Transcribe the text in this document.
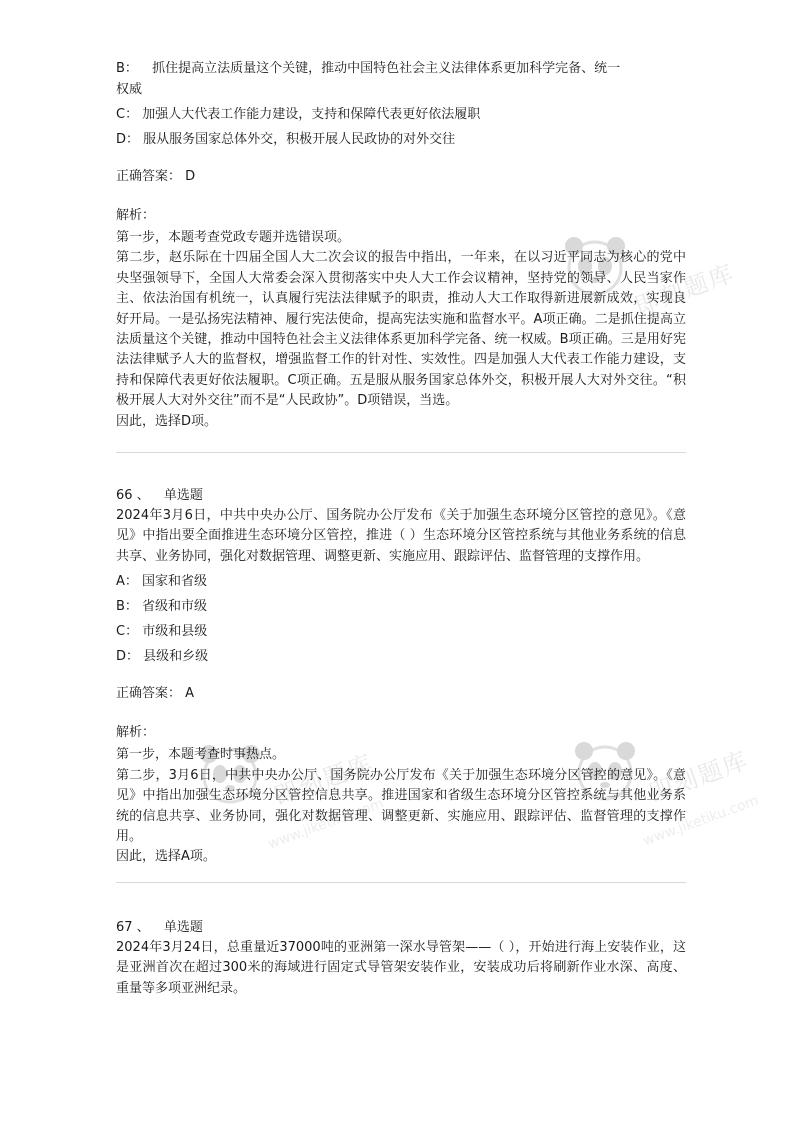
即刻题库
即刻题库
www.jiketiku.com
即刻题库
www.jiketiku.com
B： 抓住提高立法质量这个关键，推动中国特色社会主义法律体系更加科学完备、统一
权威
C： 加强人大代表工作能力建设，支持和保障代表更好依法履职
D： 服从服务国家总体外交，积极开展人民政协的对外交往
正确答案： D
解析：

第一步，本题考查党政专题并选错误项。

第二步，赵乐际在十四届全国人大二次会议的报告中指出，一年来，在以习近平同志为核心的党中央坚强领导下，全国人大常委会深入贯彻落实中央人大工作会议精神，坚持党的领导、人民当家作主、依法治国有机统一，认真履行宪法法律赋予的职责，推动人大工作取得新进展新成效，实现良好开局。一是弘扬宪法精神、履行宪法使命，提高宪法实施和监督水平。A项正确。二是抓住提高立法质量这个关键，推动中国特色社会主义法律体系更加科学完备、统一权威。B项正确。三是用好宪法法律赋予人大的监督权，增强监督工作的针对性、实效性。四是加强人大代表工作能力建设，支持和保障代表更好依法履职。C项正确。五是服从服务国家总体外交，积极开展人大对外交往。“积极开展人大对外交往”而不是“人民政协”。D项错误，当选。

因此，选择D项。

66 、 单选题

2024年3月6日，中共中央办公厅、国务院办公厅发布《关于加强生态环境分区管控的意见》。《意见》中指出要全面推进生态环境分区管控，推进（ ）生态环境分区管控系统与其他业务系统的信息共享、业务协同，强化对数据管理、调整更新、实施应用、跟踪评估、监督管理的支撑作用。

A： 国家和省级
B： 省级和市级
C： 市级和县级
D： 县级和乡级
正确答案： A
解析：

第一步，本题考查时事热点。

第二步，3月6日，中共中央办公厅、国务院办公厅发布《关于加强生态环境分区管控的意见》。《意见》中指出加强生态环境分区管控信息共享。推进国家和省级生态环境分区管控系统与其他业务系统的信息共享、业务协同，强化对数据管理、调整更新、实施应用、跟踪评估、监督管理的支撑作用。

因此，选择A项。

67 、 单选题

2024年3月24日，总重量近37000吨的亚洲第一深水导管架——（ ），开始进行海上安装作业，这是亚洲首次在超过300米的海域进行固定式导管架安装作业，安装成功后将刷新作业水深、高度、重量等多项亚洲纪录。
